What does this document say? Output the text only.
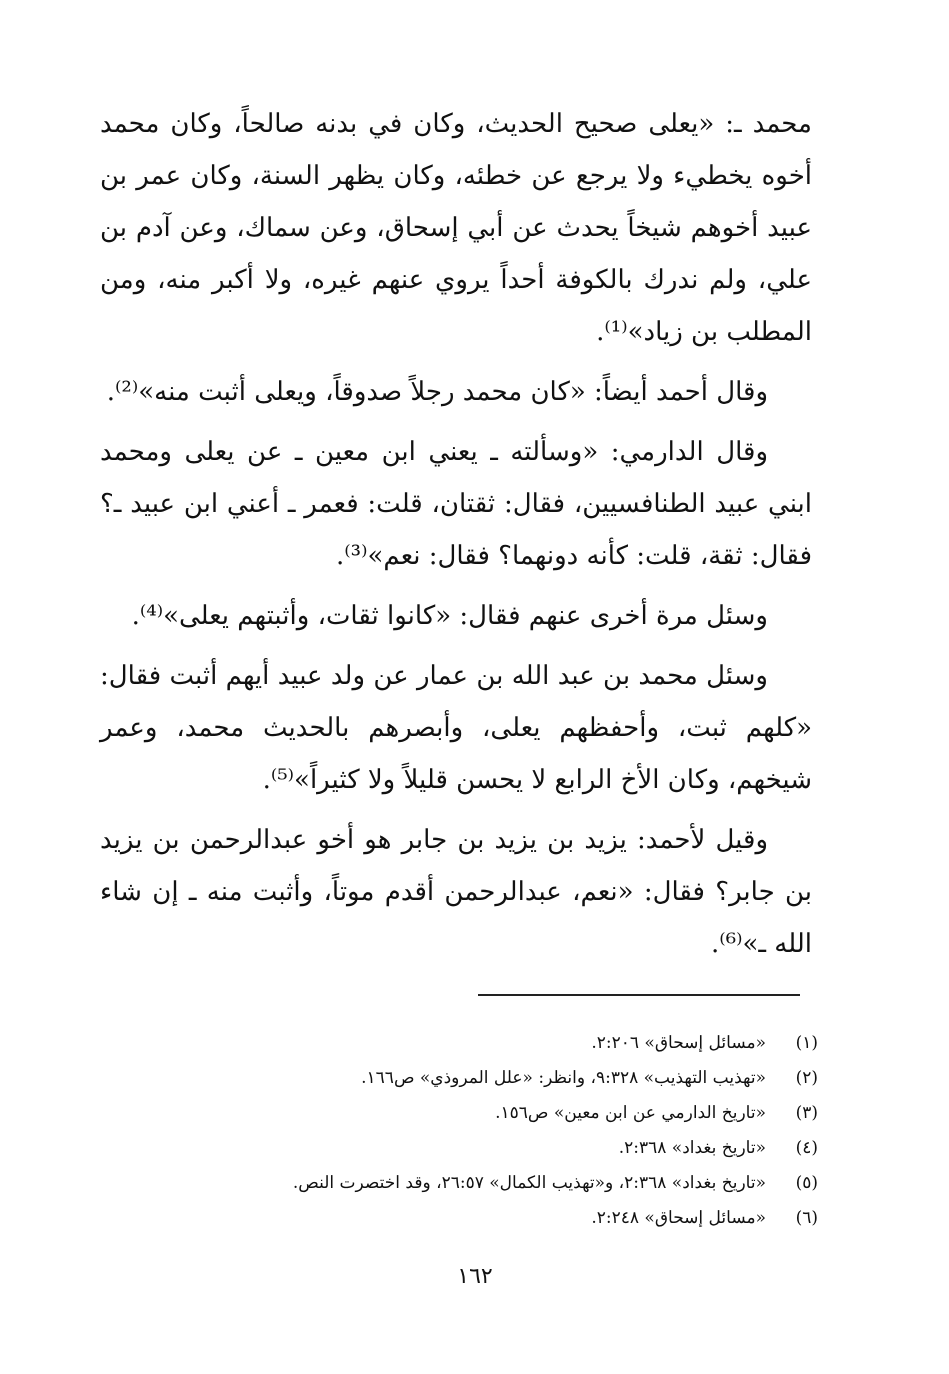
محمد ـ: «يعلى صحيح الحديث، وكان في بدنه صالحاً، وكان محمد أخوه يخطيء ولا يرجع عن خطئه، وكان يظهر السنة، وكان عمر بن عبيد أخوهم شيخاً يحدث عن أبي إسحاق، وعن سماك، وعن آدم بن علي، ولم ندرك بالكوفة أحداً يروي عنهم غيره، ولا أكبر منه، ومن المطلب بن زياد»⁽¹⁾.

وقال أحمد أيضاً: «كان محمد رجلاً صدوقاً، ويعلى أثبت منه»⁽²⁾.

وقال الدارمي: «وسألته ـ يعني ابن معين ـ عن يعلى ومحمد ابني عبيد الطنافسيين، فقال: ثقتان، قلت: فعمر ـ أعني ابن عبيد ـ؟ فقال: ثقة، قلت: كأنه دونهما؟ فقال: نعم»⁽³⁾.

وسئل مرة أخرى عنهم فقال: «كانوا ثقات، وأثبتهم يعلى»⁽⁴⁾.

وسئل محمد بن عبد الله بن عمار عن ولد عبيد أيهم أثبت فقال: «كلهم ثبت، وأحفظهم يعلى، وأبصرهم بالحديث محمد، وعمر شيخهم، وكان الأخ الرابع لا يحسن قليلاً ولا كثيراً»⁽⁵⁾.

وقيل لأحمد: يزيد بن يزيد بن جابر هو أخو عبدالرحمن بن يزيد بن جابر؟ فقال: «نعم، عبدالرحمن أقدم موتاً، وأثبت منه ـ إن شاء الله ـ»⁽⁶⁾.

(١)
«مسائل إسحاق» ٢:٢٠٦.
(٢)
«تهذيب التهذيب» ٩:٣٢٨، وانظر: «علل المروذي» ص١٦٦.
(٣)
«تاريخ الدارمي عن ابن معين» ص١٥٦.
(٤)
«تاريخ بغداد» ٢:٣٦٨.
(٥)
«تاريخ بغداد» ٢:٣٦٨، و«تهذيب الكمال» ٢٦:٥٧، وقد اختصرت النص.
(٦)
«مسائل إسحاق» ٢:٢٤٨.
١٦٢
